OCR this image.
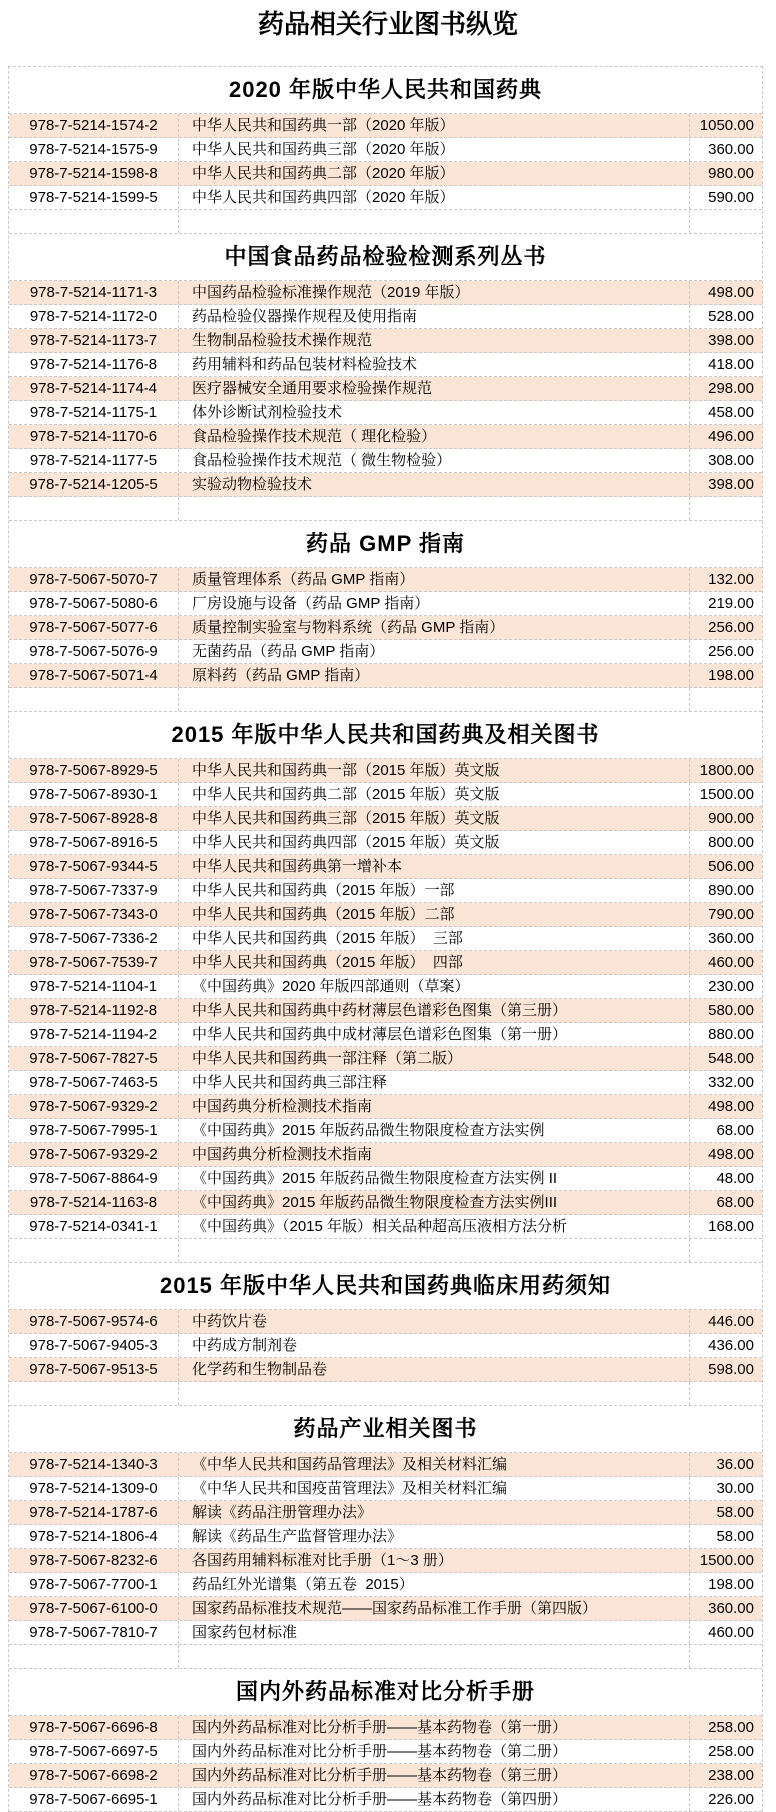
药品相关行业图书纵览
2020 年版中华人民共和国药典
978-7-5214-1574-2	中华人民共和国药典一部（2020 年版）	1050.00
978-7-5214-1575-9	中华人民共和国药典三部（2020 年版）	360.00
978-7-5214-1598-8	中华人民共和国药典二部（2020 年版）	980.00
978-7-5214-1599-5	中华人民共和国药典四部（2020 年版）	590.00
中国食品药品检验检测系列丛书
978-7-5214-1171-3	中国药品检验标准操作规范（2019 年版）	498.00
978-7-5214-1172-0	药品检验仪器操作规程及使用指南	528.00
978-7-5214-1173-7	生物制品检验技术操作规范	398.00
978-7-5214-1176-8	药用辅料和药品包装材料检验技术	418.00
978-7-5214-1174-4	医疗器械安全通用要求检验操作规范	298.00
978-7-5214-1175-1	体外诊断试剂检验技术	458.00
978-7-5214-1170-6	食品检验操作技术规范（ 理化检验）	496.00
978-7-5214-1177-5	食品检验操作技术规范（ 微生物检验）	308.00
978-7-5214-1205-5	实验动物检验技术	398.00
药品 GMP 指南
978-7-5067-5070-7	质量管理体系（药品 GMP 指南）	132.00
978-7-5067-5080-6	厂房设施与设备（药品 GMP 指南）	219.00
978-7-5067-5077-6	质量控制实验室与物料系统（药品 GMP 指南）	256.00
978-7-5067-5076-9	无菌药品（药品 GMP 指南）	256.00
978-7-5067-5071-4	原料药（药品 GMP 指南）	198.00
2015 年版中华人民共和国药典及相关图书
978-7-5067-8929-5	中华人民共和国药典一部（2015 年版）英文版	1800.00
978-7-5067-8930-1	中华人民共和国药典二部（2015 年版）英文版	1500.00
978-7-5067-8928-8	中华人民共和国药典三部（2015 年版）英文版	900.00
978-7-5067-8916-5	中华人民共和国药典四部（2015 年版）英文版	800.00
978-7-5067-9344-5	中华人民共和国药典第一增补本	506.00
978-7-5067-7337-9	中华人民共和国药典（2015 年版）一部	890.00
978-7-5067-7343-0	中华人民共和国药典（2015 年版）二部	790.00
978-7-5067-7336-2	中华人民共和国药典（2015 年版）  三部	360.00
978-7-5067-7539-7	中华人民共和国药典（2015 年版）  四部	460.00
978-7-5214-1104-1	《中国药典》2020 年版四部通则（草案）	230.00
978-7-5214-1192-8	中华人民共和国药典中药材薄层色谱彩色图集（第三册）	580.00
978-7-5214-1194-2	中华人民共和国药典中成材薄层色谱彩色图集（第一册）	880.00
978-7-5067-7827-5	中华人民共和国药典一部注释（第二版）	548.00
978-7-5067-7463-5	中华人民共和国药典三部注释	332.00
978-7-5067-9329-2	中国药典分析检测技术指南	498.00
978-7-5067-7995-1	《中国药典》2015 年版药品微生物限度检查方法实例	68.00
978-7-5067-9329-2	中国药典分析检测技术指南	498.00
978-7-5067-8864-9	《中国药典》2015 年版药品微生物限度检查方法实例 II	48.00
978-7-5214-1163-8	《中国药典》2015 年版药品微生物限度检查方法实例III	68.00
978-7-5214-0341-1	《中国药典》（2015 年版）相关品种超高压液相方法分析	168.00
2015 年版中华人民共和国药典临床用药须知
978-7-5067-9574-6	中药饮片卷	446.00
978-7-5067-9405-3	中药成方制剂卷	436.00
978-7-5067-9513-5	化学药和生物制品卷	598.00
药品产业相关图书
978-7-5214-1340-3	《中华人民共和国药品管理法》及相关材料汇编	36.00
978-7-5214-1309-0	《中华人民共和国疫苗管理法》及相关材料汇编	30.00
978-7-5214-1787-6	解读《药品注册管理办法》	58.00
978-7-5214-1806-4	解读《药品生产监督管理办法》	58.00
978-7-5067-8232-6	各国药用辅料标准对比手册（1～3 册）	1500.00
978-7-5067-7700-1	药品红外光谱集（第五卷  2015）	198.00
978-7-5067-6100-0	国家药品标准技术规范——国家药品标准工作手册（第四版）	360.00
978-7-5067-7810-7	国家药包材标准	460.00
国内外药品标准对比分析手册
978-7-5067-6696-8	国内外药品标准对比分析手册——基本药物卷（第一册）	258.00
978-7-5067-6697-5	国内外药品标准对比分析手册——基本药物卷（第二册）	258.00
978-7-5067-6698-2	国内外药品标准对比分析手册——基本药物卷（第三册）	238.00
978-7-5067-6695-1	国内外药品标准对比分析手册——基本药物卷（第四册）	226.00
